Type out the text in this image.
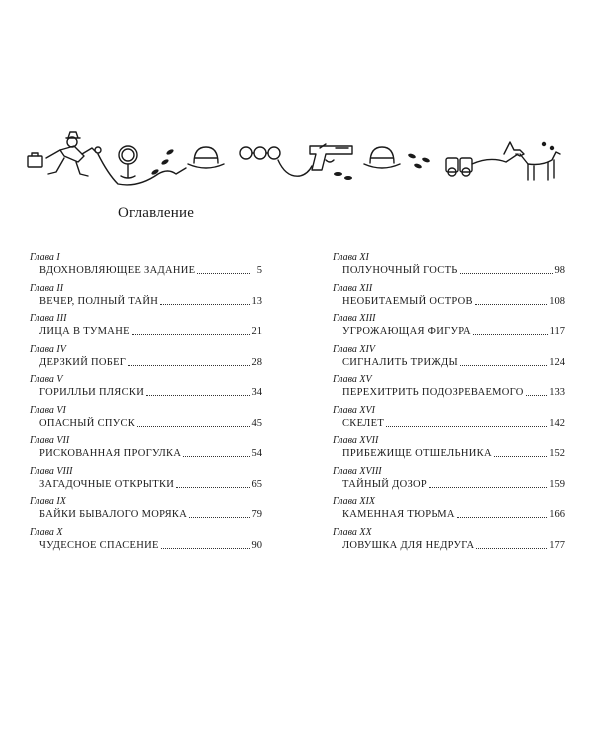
Оглавление
Глава I
ВДОХНОВЛЯЮЩЕЕ ЗАДАНИЕ	5
Глава II
ВЕЧЕР, ПОЛНЫЙ ТАЙН	13
Глава III
ЛИЦА В ТУМАНЕ	21
Глава IV
ДЕРЗКИЙ ПОБЕГ	28
Глава V
ГОРИЛЛЬИ ПЛЯСКИ	34
Глава VI
ОПАСНЫЙ СПУСК	45
Глава VII
РИСКОВАННАЯ ПРОГУЛКА	54
Глава VIII
ЗАГАДОЧНЫЕ ОТКРЫТКИ	65
Глава IX
БАЙКИ БЫВАЛОГО МОРЯКА	79
Глава X
ЧУДЕСНОЕ СПАСЕНИЕ	90
Глава XI
ПОЛУНОЧНЫЙ ГОСТЬ	98
Глава XII
НЕОБИТАЕМЫЙ ОСТРОВ	108
Глава XIII
УГРОЖАЮЩАЯ ФИГУРА	117
Глава XIV
СИГНАЛИТЬ ТРИЖДЫ	124
Глава XV
ПЕРЕХИТРИТЬ ПОДОЗРЕВАЕМОГО 133
Глава XVI
СКЕЛЕТ	142
Глава XVII
ПРИБЕЖИЩЕ ОТШЕЛЬНИКА	152
Глава XVIII
ТАЙНЫЙ ДОЗОР	159
Глава XIX
КАМЕННАЯ ТЮРЬМА	166
Глава XX
ЛОВУШКА ДЛЯ НЕДРУГА	177
